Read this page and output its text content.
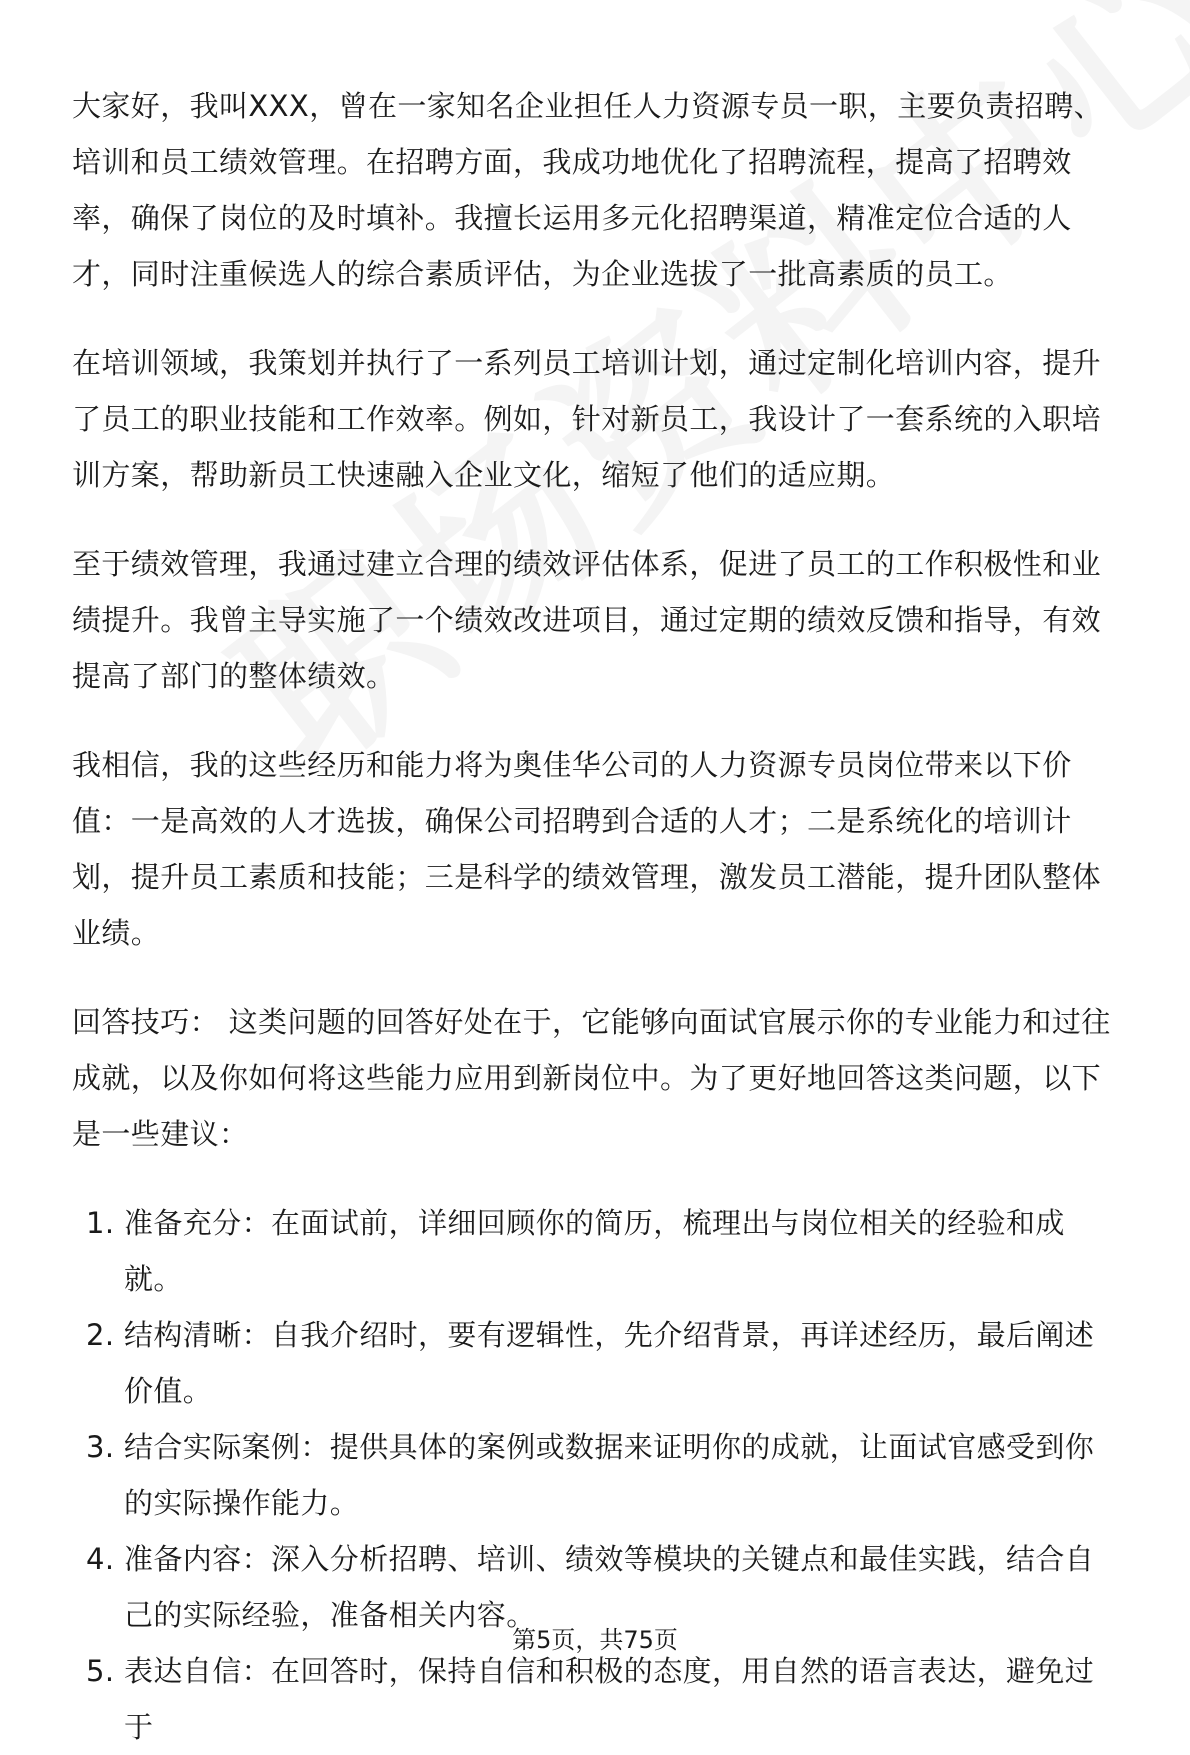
大家好，我叫XXX，曾在一家知名企业担任人力资源专员一职，主要负责招聘、培训和员工绩效管理。在招聘方面，我成功地优化了招聘流程，提高了招聘效率，确保了岗位的及时填补。我擅长运用多元化招聘渠道，精准定位合适的人才，同时注重候选人的综合素质评估，为企业选拔了一批高素质的员工。

在培训领域，我策划并执行了一系列员工培训计划，通过定制化培训内容，提升了员工的职业技能和工作效率。例如，针对新员工，我设计了一套系统的入职培训方案，帮助新员工快速融入企业文化，缩短了他们的适应期。

至于绩效管理，我通过建立合理的绩效评估体系，促进了员工的工作积极性和业绩提升。我曾主导实施了一个绩效改进项目，通过定期的绩效反馈和指导，有效提高了部门的整体绩效。

我相信，我的这些经历和能力将为奥佳华公司的人力资源专员岗位带来以下价值：一是高效的人才选拔，确保公司招聘到合适的人才；二是系统化的培训计划，提升员工素质和技能；三是科学的绩效管理，激发员工潜能，提升团队整体业绩。

回答技巧： 这类问题的回答好处在于，它能够向面试官展示你的专业能力和过往成就，以及你如何将这些能力应用到新岗位中。为了更好地回答这类问题，以下是一些建议：

1. 准备充分：在面试前，详细回顾你的简历，梳理出与岗位相关的经验和成就。
2. 结构清晰：自我介绍时，要有逻辑性，先介绍背景，再详述经历，最后阐述价值。
3. 结合实际案例：提供具体的案例或数据来证明你的成就，让面试官感受到你的实际操作能力。
4. 准备内容：深入分析招聘、培训、绩效等模块的关键点和最佳实践，结合自己的实际经验，准备相关内容。
5. 表达自信：在回答时，保持自信和积极的态度，用自然的语言表达，避免过于
第5页，共75页
